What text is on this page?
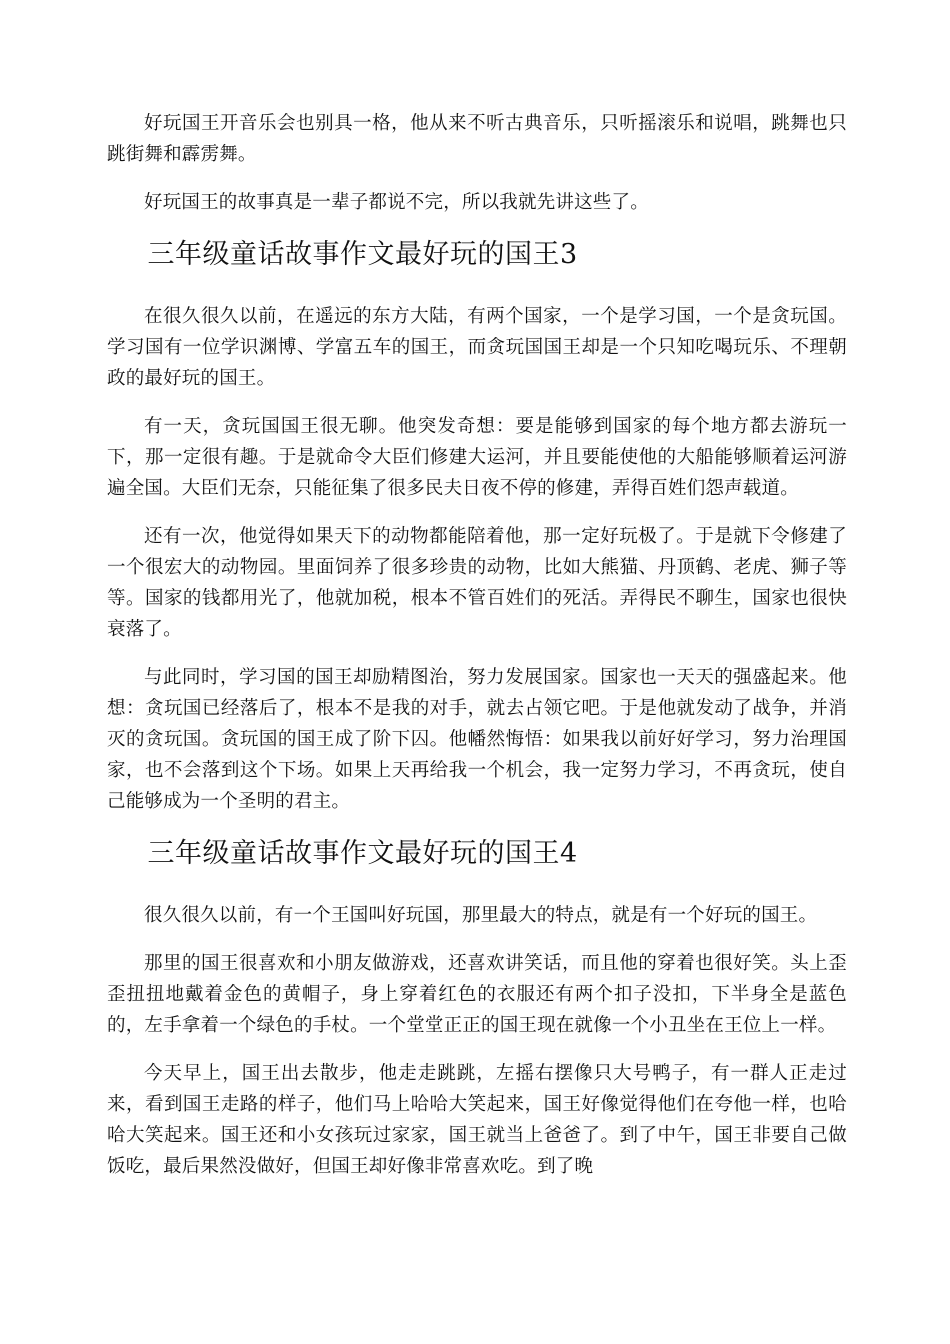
好玩国王开音乐会也别具一格，他从来不听古典音乐，只听摇滚乐和说唱，跳舞也只跳街舞和霹雳舞。

好玩国王的故事真是一辈子都说不完，所以我就先讲这些了。

三年级童话故事作文最好玩的国王3

在很久很久以前，在遥远的东方大陆，有两个国家，一个是学习国，一个是贪玩国。学习国有一位学识渊博、学富五车的国王，而贪玩国国王却是一个只知吃喝玩乐、不理朝政的最好玩的国王。

有一天，贪玩国国王很无聊。他突发奇想：要是能够到国家的每个地方都去游玩一下，那一定很有趣。于是就命令大臣们修建大运河，并且要能使他的大船能够顺着运河游遍全国。大臣们无奈，只能征集了很多民夫日夜不停的修建，弄得百姓们怨声载道。

还有一次，他觉得如果天下的动物都能陪着他，那一定好玩极了。于是就下令修建了一个很宏大的动物园。里面饲养了很多珍贵的动物，比如大熊猫、丹顶鹤、老虎、狮子等等。国家的钱都用光了，他就加税，根本不管百姓们的死活。弄得民不聊生，国家也很快衰落了。

与此同时，学习国的国王却励精图治，努力发展国家。国家也一天天的强盛起来。他想：贪玩国已经落后了，根本不是我的对手，就去占领它吧。于是他就发动了战争，并消灭的贪玩国。贪玩国的国王成了阶下囚。他幡然悔悟：如果我以前好好学习，努力治理国家，也不会落到这个下场。如果上天再给我一个机会，我一定努力学习，不再贪玩，使自己能够成为一个圣明的君主。

三年级童话故事作文最好玩的国王4

很久很久以前，有一个王国叫好玩国，那里最大的特点，就是有一个好玩的国王。

那里的国王很喜欢和小朋友做游戏，还喜欢讲笑话，而且他的穿着也很好笑。头上歪歪扭扭地戴着金色的黄帽子，身上穿着红色的衣服还有两个扣子没扣，下半身全是蓝色的，左手拿着一个绿色的手杖。一个堂堂正正的国王现在就像一个小丑坐在王位上一样。

今天早上，国王出去散步，他走走跳跳，左摇右摆像只大号鸭子，有一群人正走过来，看到国王走路的样子，他们马上哈哈大笑起来，国王好像觉得他们在夸他一样，也哈哈大笑起来。国王还和小女孩玩过家家，国王就当上爸爸了。到了中午，国王非要自己做饭吃，最后果然没做好，但国王却好像非常喜欢吃。到了晚
